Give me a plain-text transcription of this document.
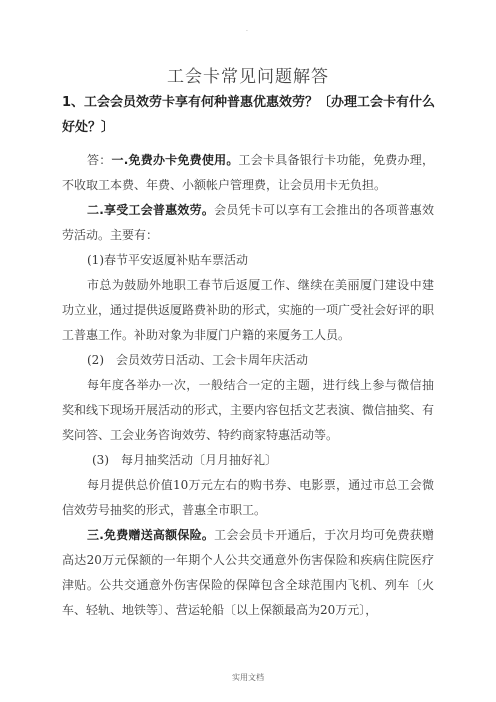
.
工会卡常见问题解答
1、工会会员效劳卡享有何种普惠优惠效劳？〔办理工会卡有什么好处？〕
答：一.免费办卡免费使用。工会卡具备银行卡功能，免费办理，不收取工本费、年费、小额帐户管理费，让会员用卡无负担。
二.享受工会普惠效劳。会员凭卡可以享有工会推出的各项普惠效劳活动。主要有：
(1)春节平安返厦补贴车票活动
市总为鼓励外地职工春节后返厦工作、继续在美丽厦门建设中建功立业，通过提供返厦路费补助的形式，实施的一项广受社会好评的职工普惠工作。补助对象为非厦门户籍的来厦务工人员。
(2)　会员效劳日活动、工会卡周年庆活动
每年度各举办一次，一般结合一定的主题，进行线上参与微信抽奖和线下现场开展活动的形式，主要内容包括文艺表演、微信抽奖、有奖问答、工会业务咨询效劳、特约商家特惠活动等。
(3)　每月抽奖活动〔月月抽好礼〕
每月提供总价值10万元左右的购书券、电影票，通过市总工会微信效劳号抽奖的形式，普惠全市职工。
三.免费赠送高额保险。工会会员卡开通后，于次月均可免费获赠高达20万元保额的一年期个人公共交通意外伤害保险和疾病住院医疗津贴。公共交通意外伤害保险的保障包含全球范围内飞机、列车〔火车、轻轨、地铁等〕、营运轮船〔以上保额最高为20万元〕，
实用文档
